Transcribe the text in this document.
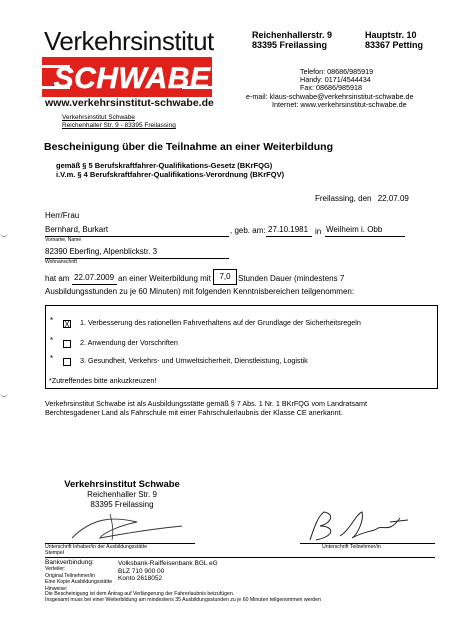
Verkehrsinstitut
SCHWABE
www.verkehrsinstitut-schwabe.de
Verkehrsinstitut Schwabe
Reichenhaller Str. 9 - 83395 Freilassing
Reichenhallerstr. 9
83395 Freilassing
Hauptstr. 10
83367 Petting
Telefon: 08686/985919
Handy: 0171/4544434
Fax: 08686/985918
e-mail: klaus-schwabe@verkehrsinstitut-schwabe.de
Internet: www.verkehrsinstitut-schwabe.de
Bescheinigung über die Teilnahme an einer Weiterbildung
gemäß § 5 Berufskraftfahrer-Qualifikations-Gesetz (BKrFQG)
i.V.m. § 4 Berufskraftfahrer-Qualifikations-Verordnung (BKrFQV)
Freilassing, den 22.07.09
Herr/Frau
Bernhard, Burkart	, geb. am: 27.10.1981 in Weilheim i. Obb
Vorname, Name
82390 Eberfing, Alpenblickstr. 3
Wohnanschrift
hat am 22.07.2009 an einer Weiterbildung mit	7,0 Stunden Dauer (mindestens 7
Ausbildungsstunden zu je 60 Minuten) mit folgenden Kenntnisbereichen teilgenommen:
* X 1. Verbesserung des rationellen Fahrverhaltens auf der Grundlage der Sicherheitsregeln
*	2. Anwendung der Vorschriften
*	3. Gesundheit, Verkehrs- und Umweltsicherheit, Dienstleistung, Logistik
*Zutreffendes bitte ankuzkreuzen!
Verkehrsinstitut Schwabe ist als Ausbildungsstätte gemäß § 7 Abs. 1 Nr. 1 BKrFQG vom Landratsamt
Berchtesgadener Land als Fahrschule mit einer Fahrschulerlaubnis der Klasse CE anerkannt.
Verkehrsinstitut Schwabe
Reichenhaller Str. 9
83395 Freilassing
Unterschrift Inhaber/in der Ausbildungsstätte
Stempel
Unterschrift Teilnehmer/in
Bankverbindung:
Verteiler:
Original Teilnehmer/in
Eine Kopie Ausbildungsstätte
Hinweise:
Volksbank-Raiffeisenbank BGL eG
BLZ 710 900 00
Konto 2618052
Die Bescheinigung ist dem Antrag auf Verlängerung der Fahrerlaubnis beizufügen.
Insgesamt muss bei einer Weiterbildung am mindestens 35 Ausbildungsstunden zu je 60 Minuten teilgenommen werden
